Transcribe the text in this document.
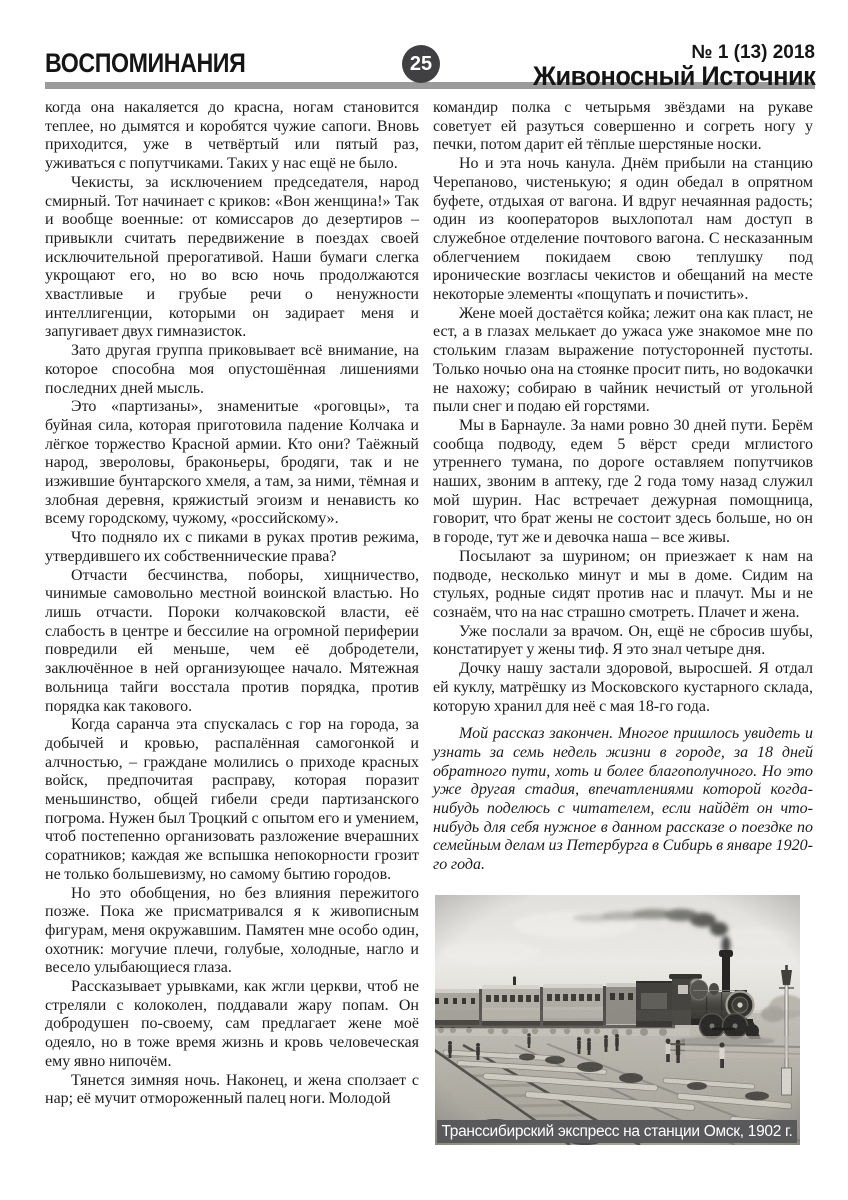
ВОСПОМИНАНИЯ	25	№ 1 (13) 2018
Живоносный Источник

когда она накаляется до красна, ногам становится теплее, но дымятся и коробятся чужие сапоги. Вновь приходится, уже в четвёртый или пятый раз, уживаться с попутчиками. Таких у нас ещё не было.

Чекисты, за исключением председателя, народ смирный. Тот начинает с криков: «Вон женщина!» Так и вообще военные: от комиссаров до дезертиров – привыкли считать передвижение в поездах своей исключительной прерогативой. Наши бумаги слегка укрощают его, но во всю ночь продолжаются хвастливые и грубые речи о ненужности интеллигенции, которыми он задирает меня и запугивает двух гимназисток.

Зато другая группа приковывает всё внимание, на которое способна моя опустошённая лишениями последних дней мысль.

Это «партизаны», знаменитые «роговцы», та буйная сила, которая приготовила падение Колчака и лёгкое торжество Красной армии. Кто они? Таёжный народ, звероловы, браконьеры, бродяги, так и не изжившие бунтарского хмеля, а там, за ними, тёмная и злобная деревня, кряжистый эгоизм и ненависть ко всему городскому, чужому, «российскому».

Что подняло их с пиками в руках против режима, утвердившего их собственнические права?

Отчасти бесчинства, поборы, хищничество, чинимые самовольно местной воинской властью. Но лишь отчасти. Пороки колчаковской власти, её слабость в центре и бессилие на огромной периферии повредили ей меньше, чем её добродетели, заключённое в ней организующее начало. Мятежная вольница тайги восстала против порядка, против порядка как такового.

Когда саранча эта спускалась с гор на города, за добычей и кровью, распалённая самогонкой и алчностью, – граждане молились о приходе красных войск, предпочитая расправу, которая поразит меньшинство, общей гибели среди партизанского погрома. Нужен был Троцкий с опытом его и умением, чтоб постепенно организовать разложение вчерашних соратников; каждая же вспышка непокорности грозит не только большевизму, но самому бытию городов.

Но это обобщения, но без влияния пережитого позже. Пока же присматривался я к живописным фигурам, меня окружавшим. Памятен мне особо один, охотник: могучие плечи, голубые, холодные, нагло и весело улыбающиеся глаза.

Рассказывает урывками, как жгли церкви, чтоб не стреляли с колоколен, поддавали жару попам. Он добродушен по-своему, сам предлагает жене моё одеяло, но в тоже время жизнь и кровь человеческая ему явно нипочём.

Тянется зимняя ночь. Наконец, и жена сползает с нар; её мучит отмороженный палец ноги. Молодой

командир полка с четырьмя звёздами на рукаве советует ей разуться совершенно и согреть ногу у печки, потом дарит ей тёплые шерстяные носки.

Но и эта ночь канула. Днём прибыли на станцию Черепаново, чистенькую; я один обедал в опрятном буфете, отдыхая от вагона. И вдруг нечаянная радость; один из кооператоров выхлопотал нам доступ в служебное отделение почтового вагона. С несказанным облегчением покидаем свою теплушку под иронические возгласы чекистов и обещаний на месте некоторые элементы «пощупать и почистить».

Жене моей достаётся койка; лежит она как пласт, не ест, а в глазах мелькает до ужаса уже знакомое мне по стольким глазам выражение потусторонней пустоты. Только ночью она на стоянке просит пить, но водокачки не нахожу; собираю в чайник нечистый от угольной пыли снег и подаю ей горстями.

Мы в Барнауле. За нами ровно 30 дней пути. Берём сообща подводу, едем 5 вёрст среди мглистого утреннего тумана, по дороге оставляем попутчиков наших, звоним в аптеку, где 2 года тому назад служил мой шурин. Нас встречает дежурная помощница, говорит, что брат жены не состоит здесь больше, но он в городе, тут же и девочка наша – все живы.

Посылают за шурином; он приезжает к нам на подводе, несколько минут и мы в доме. Сидим на стульях, родные сидят против нас и плачут. Мы и не сознаём, что на нас страшно смотреть. Плачет и жена.

Уже послали за врачом. Он, ещё не сбросив шубы, констатирует у жены тиф. Я это знал четыре дня.

Дочку нашу застали здоровой, выросшей. Я отдал ей куклу, матрёшку из Московского кустарного склада, которую хранил для неё с мая 18-го года.

Мой рассказ закончен. Многое пришлось увидеть и узнать за семь недель жизни в городе, за 18 дней обратного пути, хоть и более благополучного. Но это уже другая стадия, впечатлениями которой когда-нибудь поделюсь с читателем, если найдёт он что-нибудь для себя нужное в данном рассказе о поездке по семейным делам из Петербурга в Сибирь в январе 1920-го года.

Транссибирский экспресс на станции Омск, 1902 г.
